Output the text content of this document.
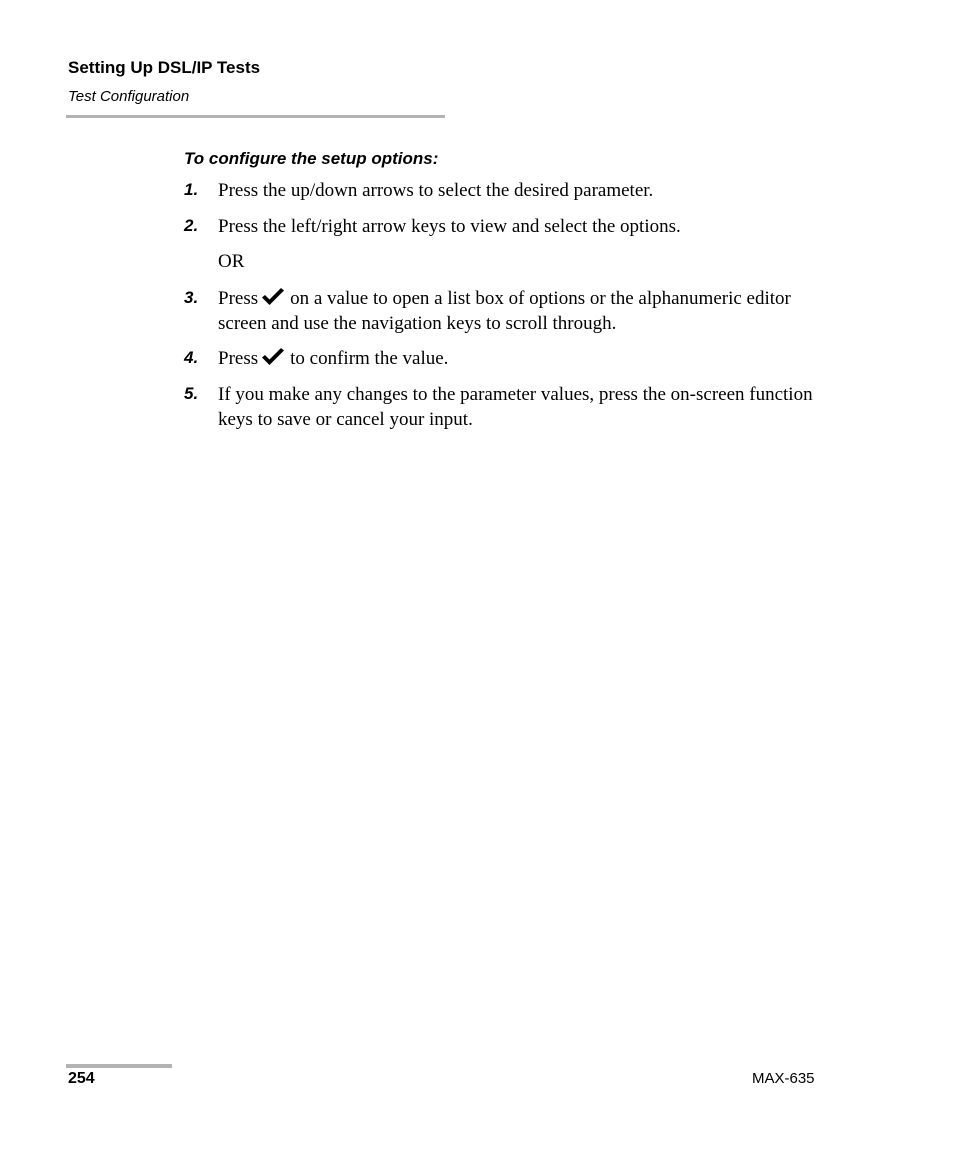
Setting Up DSL/IP Tests
Test Configuration
To configure the setup options:
1. Press the up/down arrows to select the desired parameter.
2. Press the left/right arrow keys to view and select the options.
OR
3. Press on a value to open a list box of options or the alphanumeric editor screen and use the navigation keys to scroll through.
4. Press to confirm the value.
5. If you make any changes to the parameter values, press the on-screen function keys to save or cancel your input.
254	MAX-635
